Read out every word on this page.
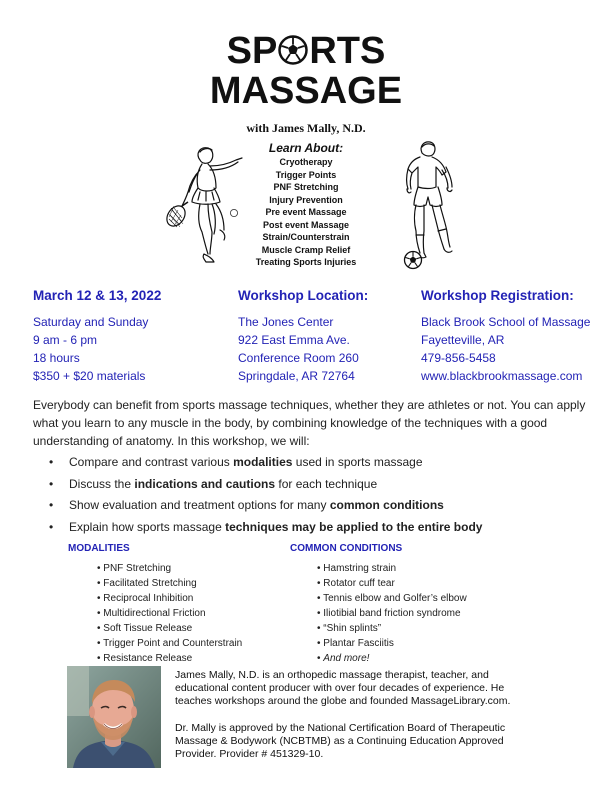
SP RTS
MASSAGE
with James Mally, N.D.
Learn About:
Cryotherapy
Trigger Points
PNF Stretching
Injury Prevention
Pre event Massage
Post event Massage
Strain/Counterstrain
Muscle Cramp Relief
Treating Sports Injuries
March 12 & 13, 2022
Saturday and Sunday
9 am - 6 pm
18 hours
$350 + $20 materials
Workshop Location:
The Jones Center
922 East Emma Ave.
Conference Room 260
Springdale, AR 72764
Workshop Registration:
Black Brook School of Massage
Fayetteville, AR
479-856-5458
www.blackbrookmassage.com
Everybody can benefit from sports massage techniques, whether they are athletes or not. You can apply what you learn to any muscle in the body, by combining knowledge of the techniques with a good understanding of anatomy. In this workshop, we will:
• Compare and contrast various modalities used in sports massage
• Discuss the indications and cautions for each technique
• Show evaluation and treatment options for many common conditions
• Explain how sports massage techniques may be applied to the entire body
MODALITIES
• PNF Stretching
• Facilitated Stretching
• Reciprocal Inhibition
• Multidirectional Friction
• Soft Tissue Release
• Trigger Point and Counterstrain
• Resistance Release
COMMON CONDITIONS
• Hamstring strain
• Rotator cuff tear
• Tennis elbow and Golfer’s elbow
• Iliotibial band friction syndrome
• “Shin splints”
• Plantar Fasciitis
• And more!

James Mally, N.D. is an orthopedic massage therapist, teacher, and educational content producer with over four decades of experience. He teaches workshops around the globe and founded MassageLibrary.com.

Dr. Mally is approved by the National Certification Board of Therapeutic Massage & Bodywork (NCBTMB) as a Continuing Education Approved Provider. Provider # 451329-10.
